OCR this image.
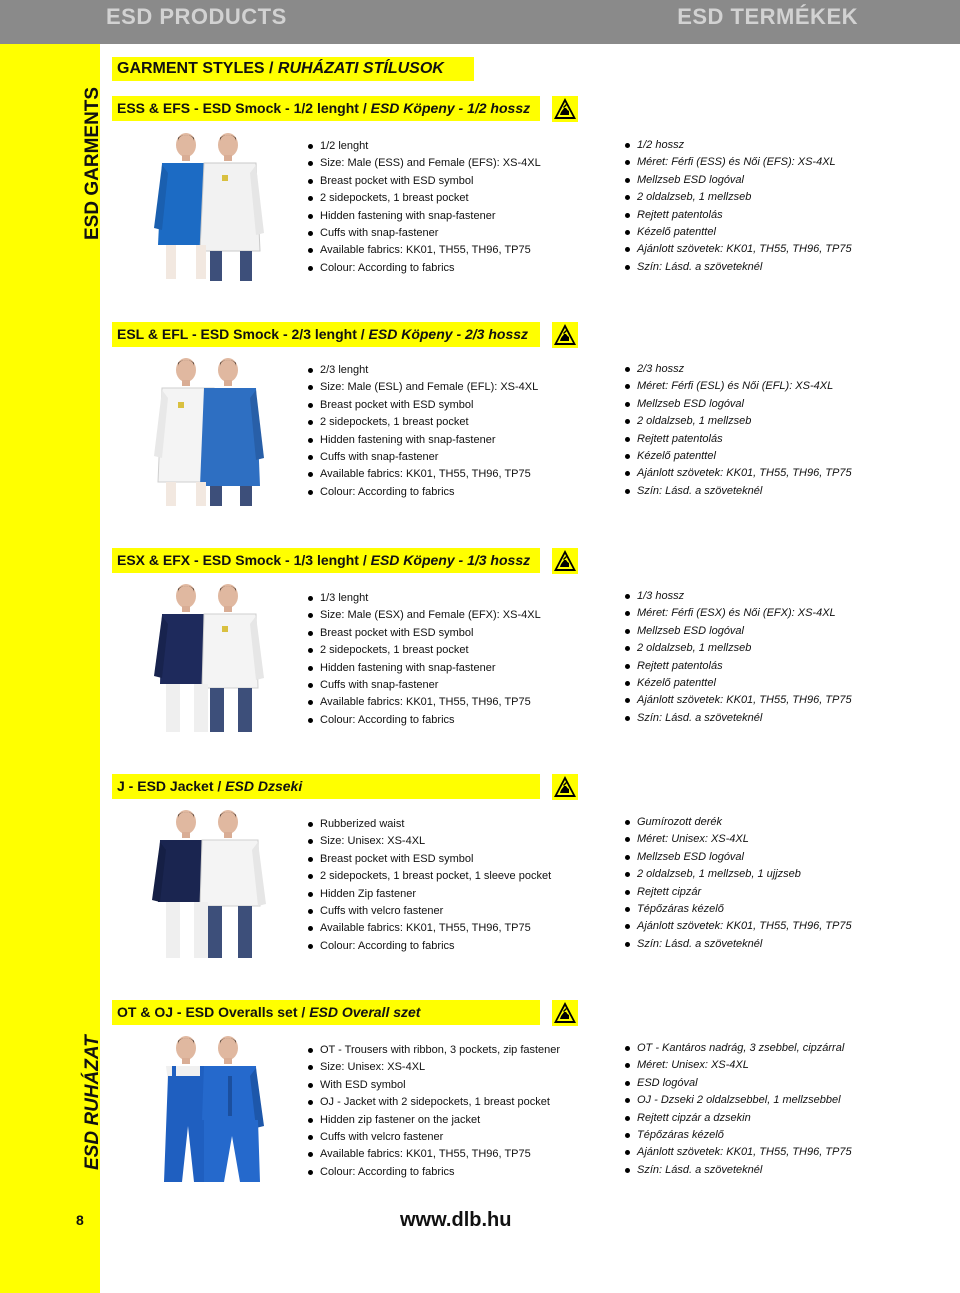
ESD PRODUCTS	ESD TERMÉKEK
ESD GARMENTS
ESD RUHÁZAT
8	www.dlb.hu
GARMENT STYLES / RUHÁZATI STÍLUSOK
ESS & EFS - ESD Smock - 1/2 lenght / ESD Köpeny - 1/2 hossz
1/2 lenght
Size: Male (ESS) and Female (EFS): XS-4XL
Breast pocket with ESD symbol
2 sidepockets, 1 breast pocket
Hidden fastening with snap-fastener
Cuffs with snap-fastener
Available fabrics: KK01, TH55, TH96, TP75
Colour: According to fabrics
1/2 hossz
Méret: Férfi (ESS) és Női (EFS): XS-4XL
Mellzseb ESD logóval
2 oldalzseb, 1 mellzseb
Rejtett patentolás
Kézelő patenttel
Ajánlott szövetek: KK01, TH55, TH96, TP75
Szín: Lásd. a szöveteknél
ESL & EFL - ESD Smock - 2/3 lenght / ESD Köpeny - 2/3 hossz
2/3 lenght
Size: Male (ESL) and Female (EFL): XS-4XL
Breast pocket with ESD symbol
2 sidepockets, 1 breast pocket
Hidden fastening with snap-fastener
Cuffs with snap-fastener
Available fabrics: KK01, TH55, TH96, TP75
Colour: According to fabrics
2/3 hossz
Méret: Férfi (ESL) és Női (EFL): XS-4XL
Mellzseb ESD logóval
2 oldalzseb, 1 mellzseb
Rejtett patentolás
Kézelő patenttel
Ajánlott szövetek: KK01, TH55, TH96, TP75
Szín: Lásd. a szöveteknél
ESX & EFX - ESD Smock - 1/3 lenght / ESD Köpeny - 1/3 hossz
1/3 lenght
Size: Male (ESX) and Female (EFX): XS-4XL
Breast pocket with ESD symbol
2 sidepockets, 1 breast pocket
Hidden fastening with snap-fastener
Cuffs with snap-fastener
Available fabrics: KK01, TH55, TH96, TP75
Colour: According to fabrics
1/3 hossz
Méret: Férfi (ESX) és Női (EFX): XS-4XL
Mellzseb ESD logóval
2 oldalzseb, 1 mellzseb
Rejtett patentolás
Kézelő patenttel
Ajánlott szövetek: KK01, TH55, TH96, TP75
Szín: Lásd. a szöveteknél
J - ESD Jacket / ESD Dzseki
Rubberized waist
Size: Unisex: XS-4XL
Breast pocket with ESD symbol
2 sidepockets, 1 breast pocket, 1 sleeve pocket
Hidden Zip fastener
Cuffs with velcro fastener
Available fabrics: KK01, TH55, TH96, TP75
Colour: According to fabrics
Gumírozott derék
Méret: Unisex: XS-4XL
Mellzseb ESD logóval
2 oldalzseb, 1 mellzseb, 1 ujjzseb
Rejtett cipzár
Tépőzáras kézelő
Ajánlott szövetek: KK01, TH55, TH96, TP75
Szín: Lásd. a szöveteknél
OT & OJ - ESD Overalls set / ESD Overall szet
OT - Trousers with ribbon, 3 pockets, zip fastener
Size: Unisex: XS-4XL
With ESD symbol
OJ - Jacket with 2 sidepockets, 1 breast pocket
Hidden zip fastener on the jacket
Cuffs with velcro fastener
Available fabrics: KK01, TH55, TH96, TP75
Colour: According to fabrics
OT - Kantáros nadrág, 3 zsebbel, cipzárral
Méret: Unisex: XS-4XL
ESD logóval
OJ - Dzseki 2 oldalzsebbel, 1 mellzsebbel
Rejtett cipzár a dzsekin
Tépőzáras kézelő
Ajánlott szövetek: KK01, TH55, TH96, TP75
Szín: Lásd. a szöveteknél
